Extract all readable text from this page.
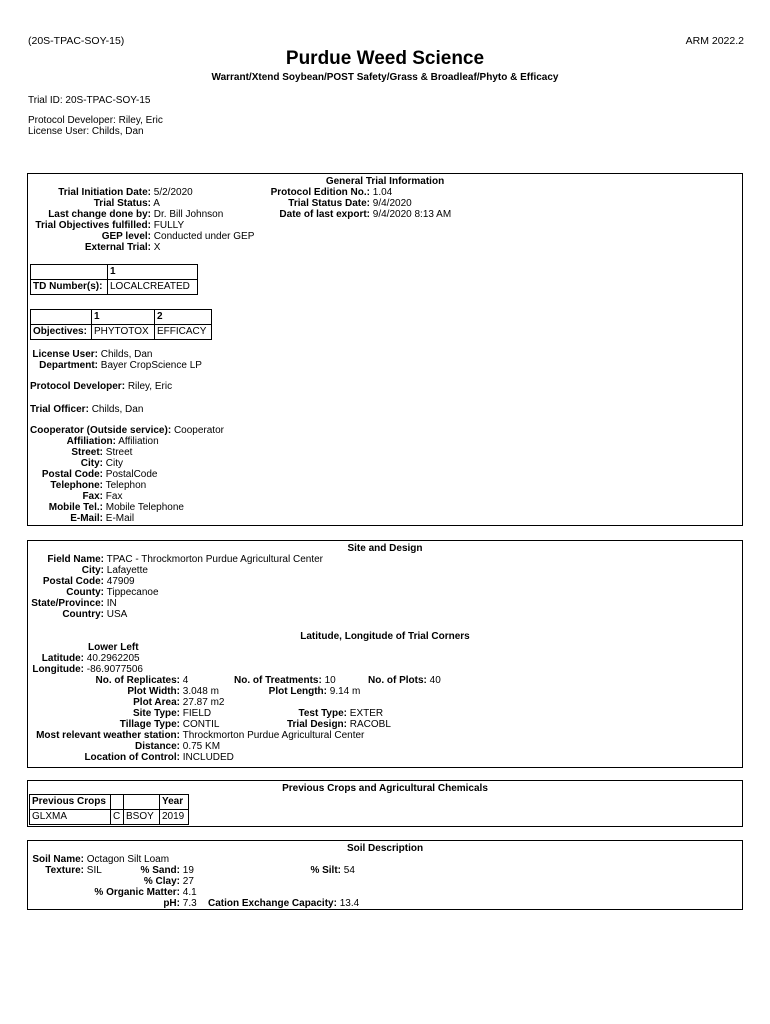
(20S-TPAC-SOY-15)	ARM 2022.2
Purdue Weed Science
Warrant/Xtend Soybean/POST Safety/Grass & Broadleaf/Phyto & Efficacy
Trial ID: 20S-TPAC-SOY-15
Protocol Developer: Riley, Eric
License User: Childs, Dan
General Trial Information
Trial Initiation Date: 5/2/2020
Trial Status: A
Last change done by: Dr. Bill Johnson
Trial Objectives fulfilled: FULLY
GEP level: Conducted under GEP
External Trial: X
Protocol Edition No.: 1.04
Trial Status Date: 9/4/2020
Date of last export: 9/4/2020 8:13 AM
	1
TD Number(s):	LOCALCREATED
	1	2
Objectives:	PHYTOTOX	EFFICACY
License User: Childs, Dan
Department: Bayer CropScience LP
Protocol Developer: Riley, Eric
Trial Officer: Childs, Dan
Cooperator (Outside service): Cooperator
Affiliation: Affiliation
Street: Street
City: City
Postal Code: PostalCode
Telephone: Telephon
Fax: Fax
Mobile Tel.: Mobile Telephone
E-Mail: E-Mail
Site and Design
Field Name: TPAC - Throckmorton Purdue Agricultural Center
City: Lafayette
Postal Code: 47909
County: Tippecanoe
State/Province: IN
Country: USA
Latitude, Longitude of Trial Corners
Lower Left
Latitude: 40.2962205
Longitude: -86.9077506
No. of Replicates: 4	No. of Treatments: 10	No. of Plots: 40
Plot Width: 3.048 m	Plot Length: 9.14 m
Plot Area: 27.87 m2
Site Type: FIELD	Test Type: EXTER
Tillage Type: CONTIL	Trial Design: RACOBL
Most relevant weather station: Throckmorton Purdue Agricultural Center
Distance: 0.75 KM
Location of Control: INCLUDED
Previous Crops and Agricultural Chemicals
Previous Crops			Year
GLXMA	C	BSOY	2019
Soil Description
Soil Name: Octagon Silt Loam
Texture: SIL	% Sand: 19	% Silt: 54
% Clay: 27
% Organic Matter: 4.1
pH: 7.3 Cation Exchange Capacity: 13.4
